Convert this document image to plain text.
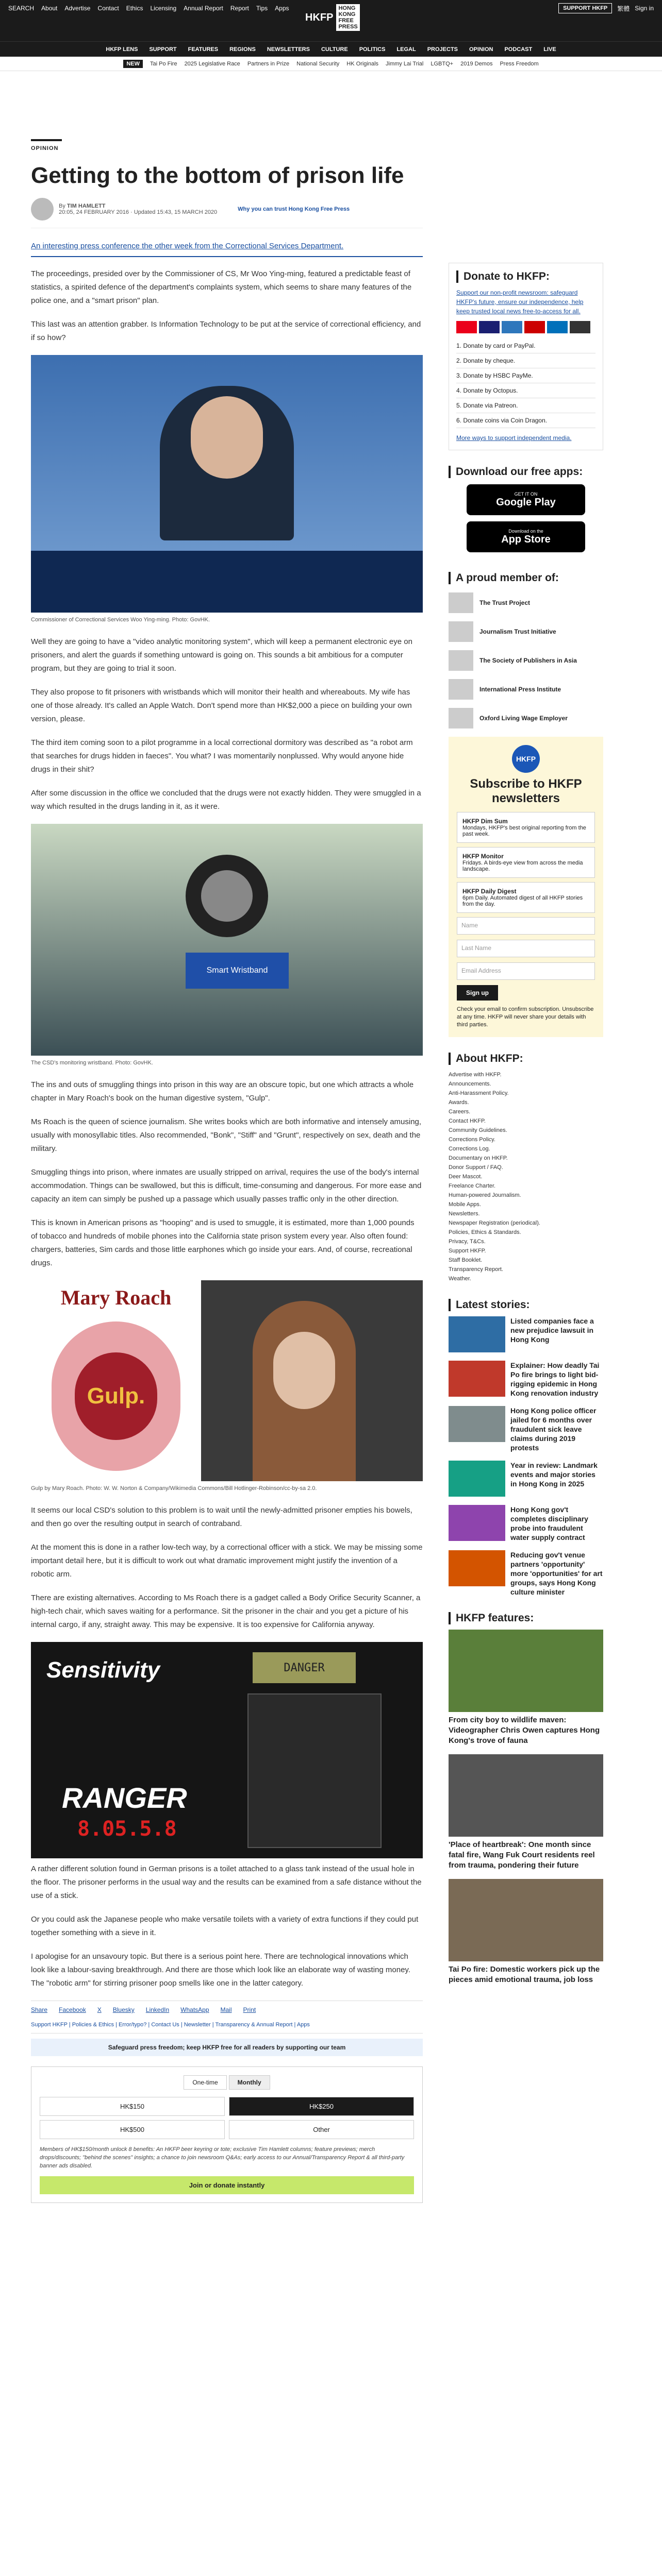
SEARCH About Advertise Contact Ethics Licensing Annual Report Report Tips Apps	SUPPORT HKFP	繁體 Sign in
HKFP
HONG KONG
FREE PRESS
HKFP LENS SUPPORT FEATURES REGIONS NEWSLETTERS CULTURE POLITICS LEGAL PROJECTS OPINION PODCAST LIVE
NEW	Tai Po Fire 2025 Legislative Race Partners in Prize National Security HK Originals Jimmy Lai Trial LGBTQ+ 2019 Demos Press Freedom
OPINION
Getting to the bottom of prison life
By TIM HAMLETT
20:05, 24 FEBRUARY 2016 · Updated 15:43, 15 MARCH 2020	Why you can trust Hong Kong Free Press

An interesting press conference the other week from the Correctional Services Department.

The proceedings, presided over by the Commissioner of CS, Mr Woo Ying-ming, featured a predictable feast of statistics, a spirited defence of the department's complaints system, which seems to share many features of the police one, and a "smart prison" plan.

This last was an attention grabber. Is Information Technology to be put at the service of correctional efficiency, and if so how?

Commissioner of Correctional Services Woo Ying-ming. Photo: GovHK.

Well they are going to have a "video analytic monitoring system", which will keep a permanent electronic eye on prisoners, and alert the guards if something untoward is going on. This sounds a bit ambitious for a computer program, but they are going to trial it soon.

They also propose to fit prisoners with wristbands which will monitor their health and whereabouts. My wife has one of those already. It's called an Apple Watch. Don't spend more than HK$2,000 a piece on building your own version, please.

The third item coming soon to a pilot programme in a local correctional dormitory was described as "a robot arm that searches for drugs hidden in faeces". You what? I was momentarily nonplussed. Why would anyone hide drugs in their shit?

After some discussion in the office we concluded that the drugs were not exactly hidden. They were smuggled in a way which resulted in the drugs landing in it, as it were.

Smart Wristband
The CSD's monitoring wristband. Photo: GovHK.

The ins and outs of smuggling things into prison in this way are an obscure topic, but one which attracts a whole chapter in Mary Roach's book on the human digestive system, "Gulp".

Ms Roach is the queen of science journalism. She writes books which are both informative and intensely amusing, usually with monosyllabic titles. Also recommended, "Bonk", "Stiff" and "Grunt", respectively on sex, death and the military.

Smuggling things into prison, where inmates are usually stripped on arrival, requires the use of the body's internal accommodation. Things can be swallowed, but this is difficult, time-consuming and dangerous. For more ease and capacity an item can simply be pushed up a passage which usually passes traffic only in the other direction.

This is known in American prisons as "hooping" and is used to smuggle, it is estimated, more than 1,000 pounds of tobacco and hundreds of mobile phones into the California state prison system every year. Also often found: chargers, batteries, Sim cards and those little earphones which go inside your ears. And, of course, recreational drugs.

Mary Roach
Gulp.
Gulp by Mary Roach. Photo: W. W. Norton & Company/Wikimedia Commons/Bill Hotlinger-Robinson/cc-by-sa 2.0.

It seems our local CSD's solution to this problem is to wait until the newly-admitted prisoner empties his bowels, and then go over the resulting output in search of contraband.

At the moment this is done in a rather low-tech way, by a correctional officer with a stick. We may be missing some important detail here, but it is difficult to work out what dramatic improvement might justify the invention of a robotic arm.

There are existing alternatives. According to Ms Roach there is a gadget called a Body Orifice Security Scanner, a high-tech chair, which saves waiting for a performance. Sit the prisoner in the chair and you get a picture of his internal cargo, if any, straight away. This may be expensive. It is too expensive for California anyway.

Sensitivity	DANGER
RANGER
8.05.5.8

A rather different solution found in German prisons is a toilet attached to a glass tank instead of the usual hole in the floor. The prisoner performs in the usual way and the results can be examined from a safe distance without the use of a stick.

Or you could ask the Japanese people who make versatile toilets with a variety of extra functions if they could put together something with a sieve in it.

I apologise for an unsavoury topic. But there is a serious point here. There are technological innovations which look like a labour-saving breakthrough. And there are those which look like an elaborate way of wasting money. The "robotic arm" for stirring prisoner poop smells like one in the latter category.

Share Facebook X Bluesky LinkedIn WhatsApp Mail Print
Support HKFP | Policies & Ethics | Error/typo? | Contact Us | Newsletter | Transparency & Annual Report | Apps
Safeguard press freedom; keep HKFP free for all readers by supporting our team
One-time	Monthly
HK$150	HK$250
HK$500	Other

Members of HK$150/month unlock 8 benefits: An HKFP beer keyring or tote; exclusive Tim Hamlett columns; feature previews; merch drops/discounts; "behind the scenes" insights; a chance to join newsroom Q&As; early access to our Annual/Transparency Report & all third-party banner ads disabled.

Join or donate instantly
Donate to HKFP:

Support our non-profit newsroom: safeguard HKFP's future, ensure our independence, help keep trusted local news free-to-access for all.

1. Donate by card or PayPal.
2. Donate by cheque.
3. Donate by HSBC PayMe.
4. Donate by Octopus.
5. Donate via Patreon.
6. Donate coins via Coin Dragon.

More ways to support independent media.

Download our free apps:
GET IT ON
Google Play
Download on the
App Store
A proud member of:
The Trust Project
Journalism Trust Initiative
The Society of Publishers in Asia
International Press Institute
Oxford Living Wage Employer
HKFP
Subscribe to HKFP newsletters
HKFP Dim Sum
Mondays, HKFP's best original reporting from the past week.
HKFP Monitor
Fridays. A birds-eye view from across the media landscape.
HKFP Daily Digest
6pm Daily. Automated digest of all HKFP stories from the day.
Name
Last Name
Email Address
Sign up

Check your email to confirm subscription. Unsubscribe at any time. HKFP will never share your details with third parties.

About HKFP:
Advertise with HKFP.
Announcements.
Anti-Harassment Policy.
Awards.
Careers.
Contact HKFP.
Community Guidelines.
Corrections Policy.
Corrections Log.
Documentary on HKFP.
Donor Support / FAQ.
Deer Mascot.
Freelance Charter.
Human-powered Journalism.
Mobile Apps.
Newsletters.
Newspaper Registration (periodical).
Policies, Ethics & Standards.
Privacy, T&Cs.
Support HKFP.
Staff Booklet.
Transparency Report.
Weather.
Latest stories:
Listed companies face a new prejudice lawsuit in Hong Kong
Explainer: How deadly Tai Po fire brings to light bid-rigging epidemic in Hong Kong renovation industry
Hong Kong police officer jailed for 6 months over fraudulent sick leave claims during 2019 protests
Year in review: Landmark events and major stories in Hong Kong in 2025
Hong Kong gov't completes disciplinary probe into fraudulent water supply contract
Reducing gov't venue partners 'opportunity' more 'opportunities' for art groups, says Hong Kong culture minister
HKFP features:
From city boy to wildlife maven: Videographer Chris Owen captures Hong Kong's trove of fauna
'Place of heartbreak': One month since fatal fire, Wang Fuk Court residents reel from trauma, pondering their future
Tai Po fire: Domestic workers pick up the pieces amid emotional trauma, job loss
